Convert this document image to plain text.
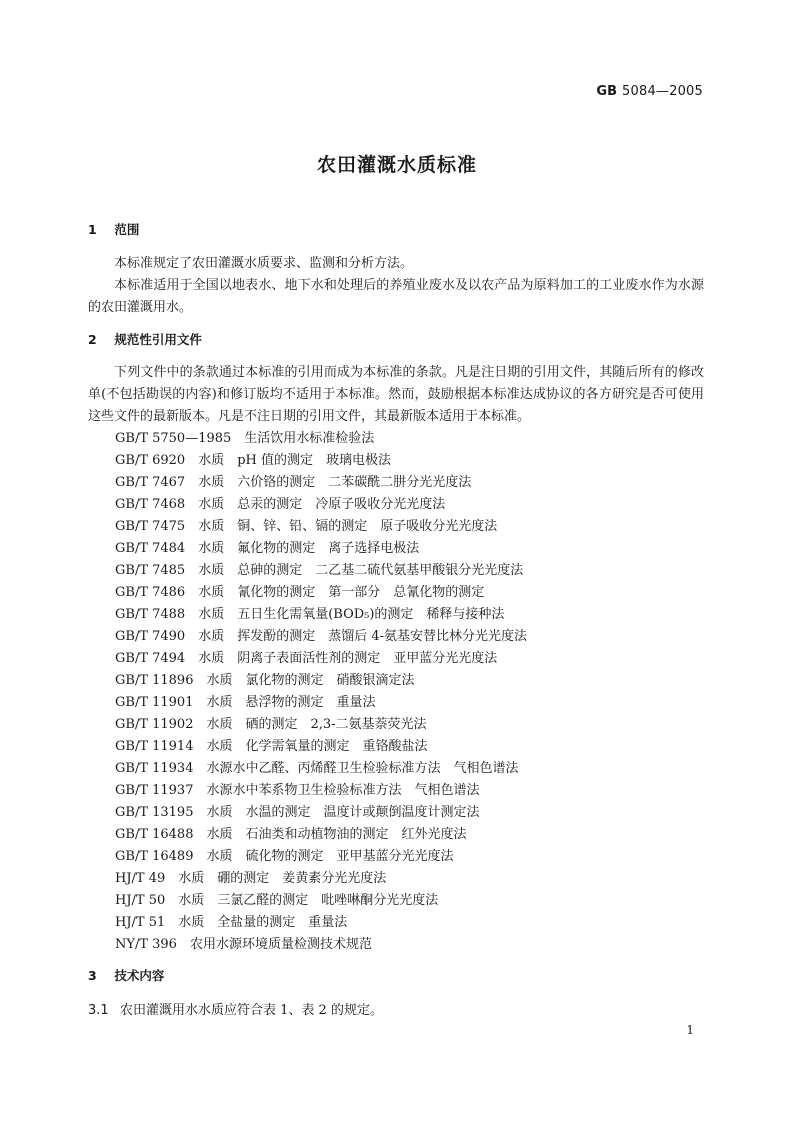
GB 5084—2005
农田灌溉水质标准
1 范围
本标准规定了农田灌溉水质要求、监测和分析方法。
本标准适用于全国以地表水、地下水和处理后的养殖业废水及以农产品为原料加工的工业废水作为水源的农田灌溉用水。
2 规范性引用文件
下列文件中的条款通过本标准的引用而成为本标准的条款。凡是注日期的引用文件，其随后所有的修改单(不包括勘误的内容)和修订版均不适用于本标准。然而，鼓励根据本标准达成协议的各方研究是否可使用这些文件的最新版本。凡是不注日期的引用文件，其最新版本适用于本标准。
GB/T 5750—1985　生活饮用水标准检验法
GB/T 6920　水质　pH 值的测定　玻璃电极法
GB/T 7467　水质　六价铬的测定　二苯碳酰二肼分光光度法
GB/T 7468　水质　总汞的测定　冷原子吸收分光光度法
GB/T 7475　水质　铜、锌、铅、镉的测定　原子吸收分光光度法
GB/T 7484　水质　氟化物的测定　离子选择电极法
GB/T 7485　水质　总砷的测定　二乙基二硫代氨基甲酸银分光光度法
GB/T 7486　水质　氰化物的测定　第一部分　总氰化物的测定
GB/T 7488　水质　五日生化需氧量(BOD₅)的测定　稀释与接种法
GB/T 7490　水质　挥发酚的测定　蒸馏后 4-氨基安替比林分光光度法
GB/T 7494　水质　阴离子表面活性剂的测定　亚甲蓝分光光度法
GB/T 11896　水质　氯化物的测定　硝酸银滴定法
GB/T 11901　水质　悬浮物的测定　重量法
GB/T 11902　水质　硒的测定　2,3-二氨基萘荧光法
GB/T 11914　水质　化学需氧量的测定　重铬酸盐法
GB/T 11934　水源水中乙醛、丙烯醛卫生检验标准方法　气相色谱法
GB/T 11937　水源水中苯系物卫生检验标准方法　气相色谱法
GB/T 13195　水质　水温的测定　温度计或颠倒温度计测定法
GB/T 16488　水质　石油类和动植物油的测定　红外光度法
GB/T 16489　水质　硫化物的测定　亚甲基蓝分光光度法
HJ/T 49　水质　硼的测定　姜黄素分光光度法
HJ/T 50　水质　三氯乙醛的测定　吡唑啉酮分光光度法
HJ/T 51　水质　全盐量的测定　重量法
NY/T 396　农用水源环境质量检测技术规范
3 技术内容
3.1 农田灌溉用水水质应符合表 1、表 2 的规定。
1
